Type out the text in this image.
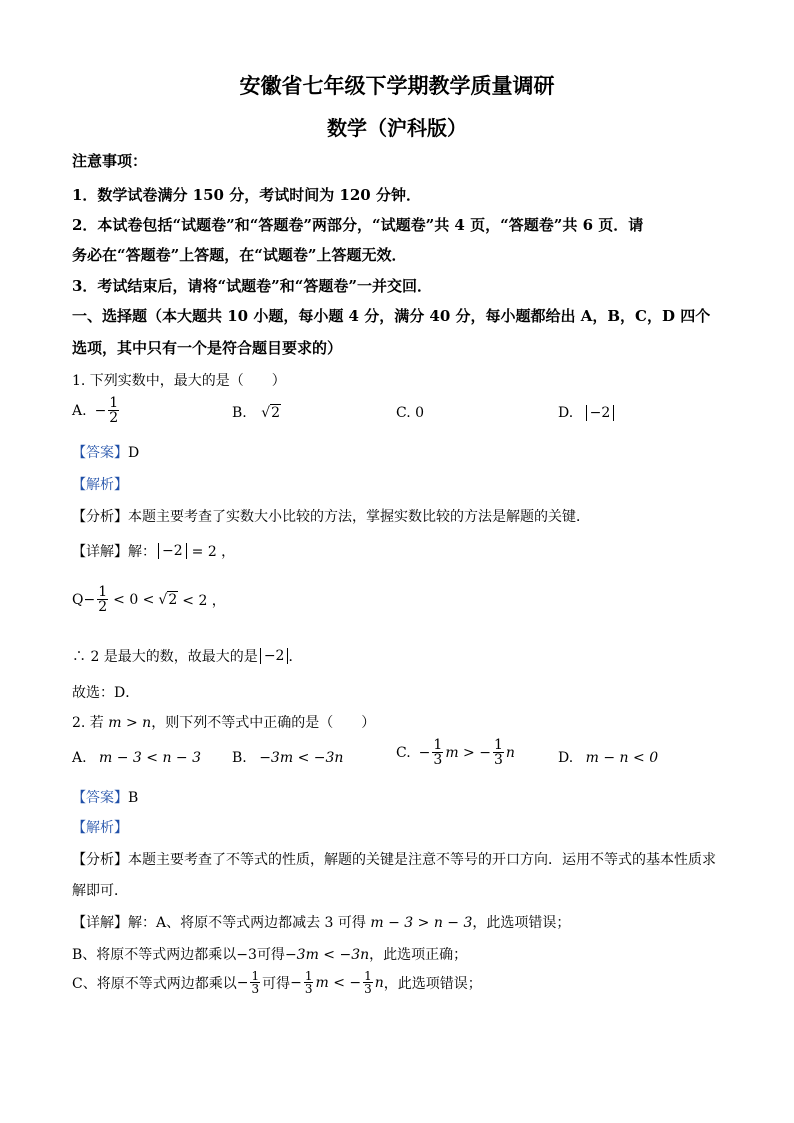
安徽省七年级下学期教学质量调研
数学（沪科版）
注意事项：
1．数学试卷满分 150 分，考试时间为 120 分钟．
2．本试卷包括“试题卷”和“答题卷”两部分，“试题卷”共 4 页，“答题卷”共 6 页．请
务必在“答题卷”上答题，在“试题卷”上答题无效．
3．考试结束后，请将“试题卷”和“答题卷”一并交回．
一、选择题（本大题共 10 小题，每小题 4 分，满分 40 分，每小题都给出 A，B，C，D 四个
选项，其中只有一个是符合题目要求的）
1. 下列实数中，最大的是（　　）
A. − $\frac{1}{2}$	B. √2	C. 0	D. −2
【答案】D
【解析】
【分析】本题主要考查了实数大小比较的方法，掌握实数比较的方法是解题的关键．
【详解】 解： −2 = 2 ，
$Q - \frac{1}{2} < 0 < √2 < 2$ ，
∴ 2 是最大的数，故最大的是 −2 ．
故选：D．
2. 若 m > n，则下列不等式中正确的是（　　）
A. m − 3 < n − 3 B. −3m < −3n	C. − $\frac{1}{3}$ m > − $\frac{1}{3}$ n	D. m − n < 0
【答案】B
【解析】
【分析】本题主要考查了不等式的性质，解题的关键是注意不等号的开口方向．运用不等式的基本性质求
解即可．
【详解】解：A、将原不等式两边都减去 3 可得 m − 3 > n − 3，此选项错误；
B、将原不等式两边都乘以−3可得−3m < −3n，此选项正确；
C、将原不等式两边都乘以 − $\frac{1}{3}$ 可得 − $\frac{1}{3}$ m < − $\frac{1}{3}$ n ，此选项错误；
